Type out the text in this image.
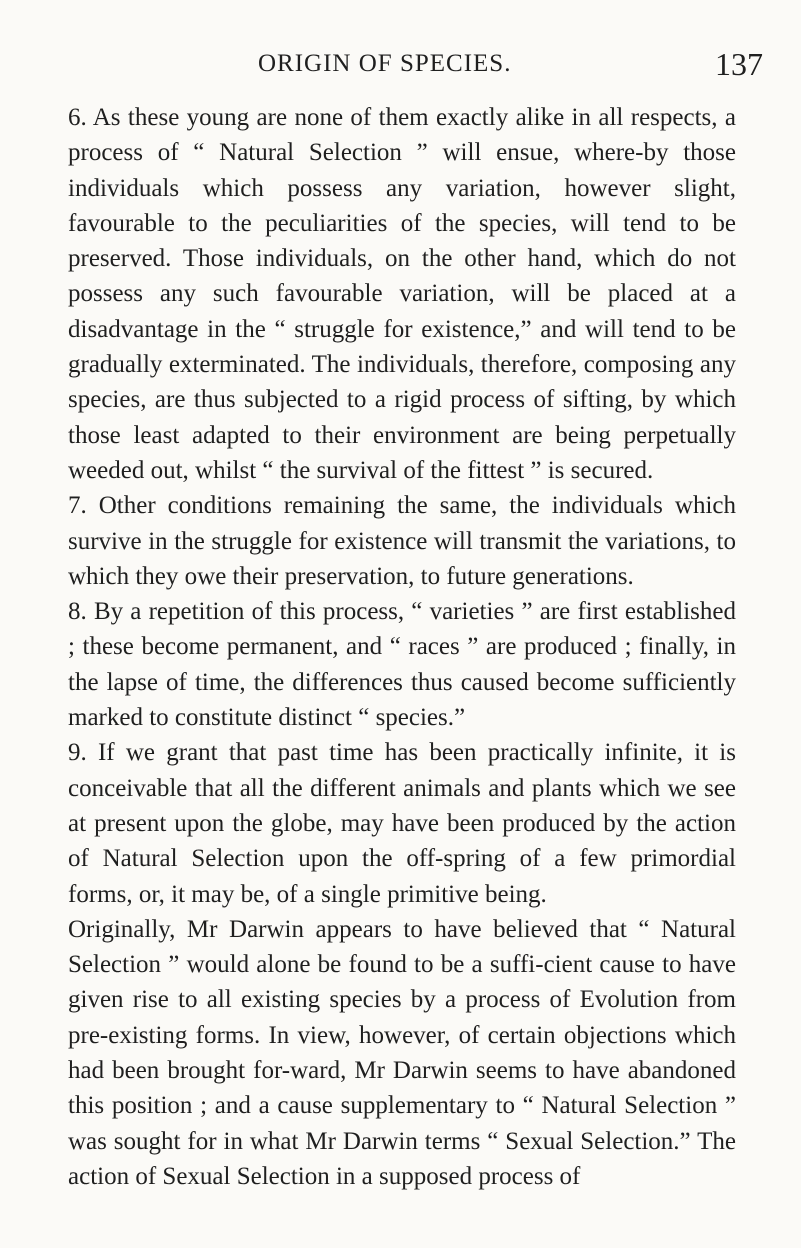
ORIGIN OF SPECIES.	137

6. As these young are none of them exactly alike in all respects, a process of “ Natural Selection ” will ensue, where-by those individuals which possess any variation, however slight, favourable to the peculiarities of the species, will tend to be preserved. Those individuals, on the other hand, which do not possess any such favourable variation, will be placed at a disadvantage in the “ struggle for existence,” and will tend to be gradually exterminated. The individuals, therefore, composing any species, are thus subjected to a rigid process of sifting, by which those least adapted to their environment are being perpetually weeded out, whilst “ the survival of the fittest ” is secured.

7. Other conditions remaining the same, the individuals which survive in the struggle for existence will transmit the variations, to which they owe their preservation, to future generations.

8. By a repetition of this process, “ varieties ” are first established ; these become permanent, and “ races ” are produced ; finally, in the lapse of time, the differences thus caused become sufficiently marked to constitute distinct “ species.”

9. If we grant that past time has been practically infinite, it is conceivable that all the different animals and plants which we see at present upon the globe, may have been produced by the action of Natural Selection upon the off-spring of a few primordial forms, or, it may be, of a single primitive being.

Originally, Mr Darwin appears to have believed that “ Natural Selection ” would alone be found to be a suffi-cient cause to have given rise to all existing species by a process of Evolution from pre-existing forms. In view, however, of certain objections which had been brought for-ward, Mr Darwin seems to have abandoned this position ; and a cause supplementary to “ Natural Selection ” was sought for in what Mr Darwin terms “ Sexual Selection.” The action of Sexual Selection in a supposed process of
